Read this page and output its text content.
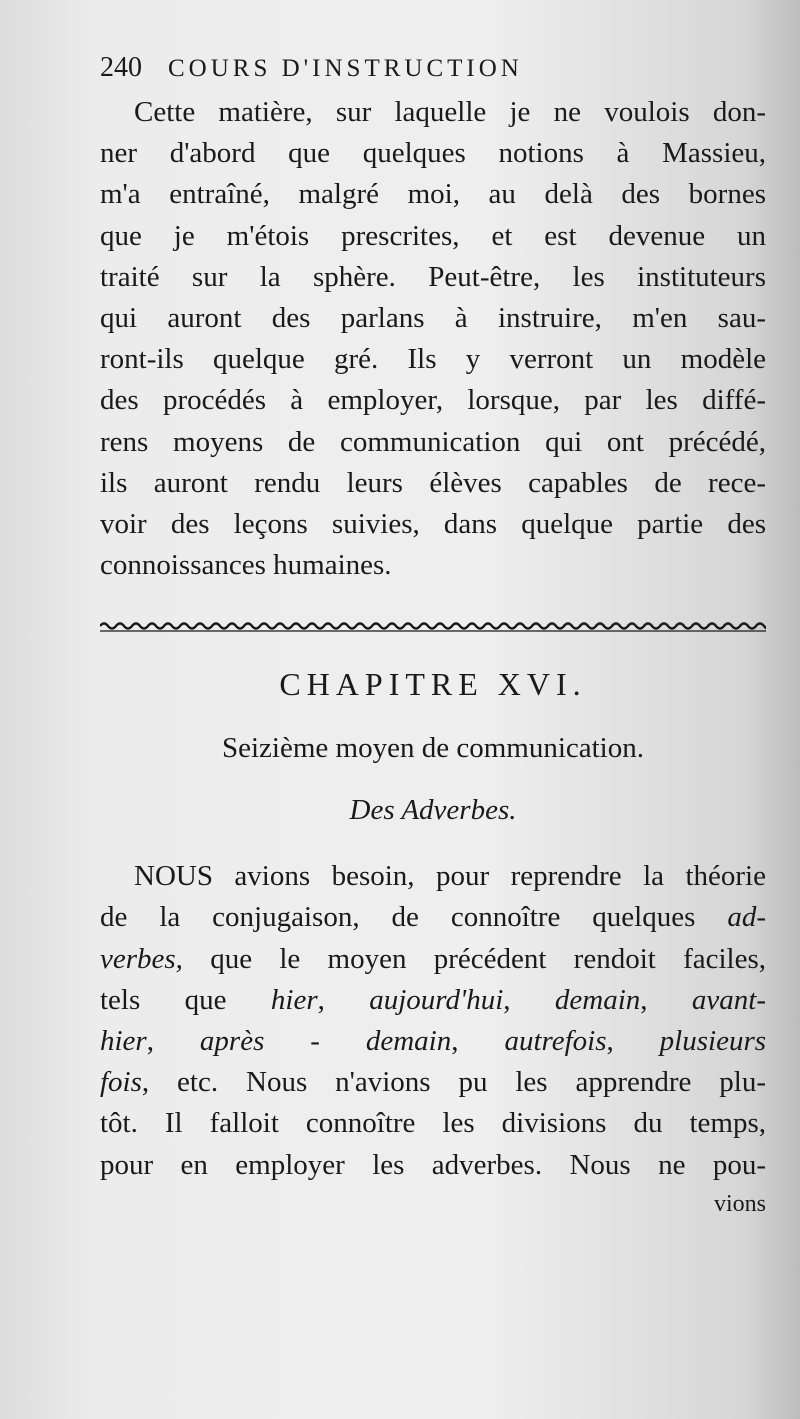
240 COURS D'INSTRUCTION
Cette matière, sur laquelle je ne voulois don-
ner d'abord que quelques notions à Massieu,
m'a entraîné, malgré moi, au delà des bornes
que je m'étois prescrites, et est devenue un
traité sur la sphère. Peut-être, les instituteurs
qui auront des parlans à instruire, m'en sau-
ront-ils quelque gré. Ils y verront un modèle
des procédés à employer, lorsque, par les diffé-
rens moyens de communication qui ont précédé,
ils auront rendu leurs élèves capables de rece-
voir des leçons suivies, dans quelque partie des
connoissances humaines.
CHAPITRE XVI.
Seizième moyen de communication.
Des Adverbes.
NOUS avions besoin, pour reprendre la théorie
de la conjugaison, de connoître quelques ad-
verbes, que le moyen précédent rendoit faciles,
tels que hier, aujourd'hui, demain, avant-
hier, après - demain, autrefois, plusieurs
fois, etc. Nous n'avions pu les apprendre plu-
tôt. Il falloit connoître les divisions du temps,
pour en employer les adverbes. Nous ne pou-
vions
